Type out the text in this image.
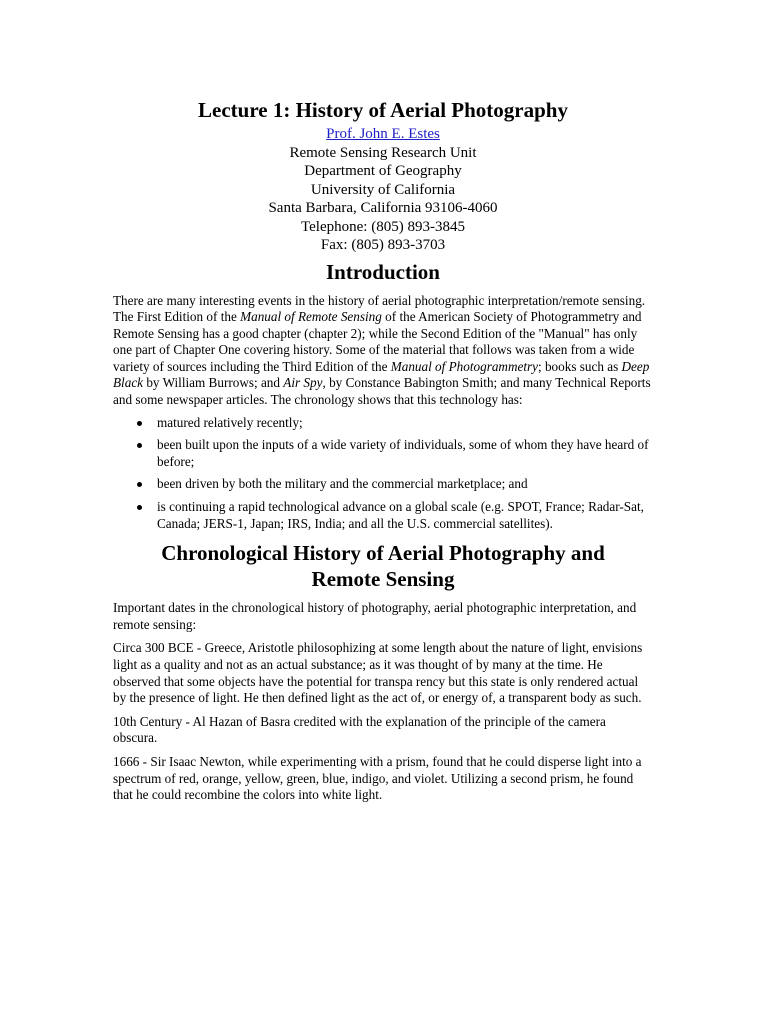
Lecture 1: History of Aerial Photography
Prof. John E. Estes
Remote Sensing Research Unit
Department of Geography
University of California
Santa Barbara, California 93106-4060
Telephone: (805) 893-3845
Fax: (805) 893-3703
Introduction

There are many interesting events in the history of aerial photographic interpretation/remote sensing. The First Edition of the Manual of Remote Sensing of the American Society of Photogrammetry and Remote Sensing has a good chapter (chapter 2); while the Second Edition of the "Manual" has only one part of Chapter One covering history. Some of the material that follows was taken from a wide variety of sources including the Third Edition of the Manual of Photogrammetry; books such as Deep Black by William Burrows; and Air Spy, by Constance Babington Smith; and many Technical Reports and some newspaper articles. The chronology shows that this technology has:

matured relatively recently;
been built upon the inputs of a wide variety of individuals, some of whom they have heard of before;
been driven by both the military and the commercial marketplace; and
is continuing a rapid technological advance on a global scale (e.g. SPOT, France; Radar-Sat, Canada; JERS-1, Japan; IRS, India; and all the U.S. commercial satellites).
Chronological History of Aerial Photography and
Remote Sensing

Important dates in the chronological history of photography, aerial photographic interpretation, and remote sensing:

Circa 300 BCE - Greece, Aristotle philosophizing at some length about the nature of light, envisions light as a quality and not as an actual substance; as it was thought of by many at the time. He observed that some objects have the potential for transpa rency but this state is only rendered actual by the presence of light. He then defined light as the act of, or energy of, a transparent body as such.

10th Century - Al Hazan of Basra credited with the explanation of the principle of the camera obscura.

1666 - Sir Isaac Newton, while experimenting with a prism, found that he could disperse light into a spectrum of red, orange, yellow, green, blue, indigo, and violet. Utilizing a second prism, he found that he could recombine the colors into white light.
